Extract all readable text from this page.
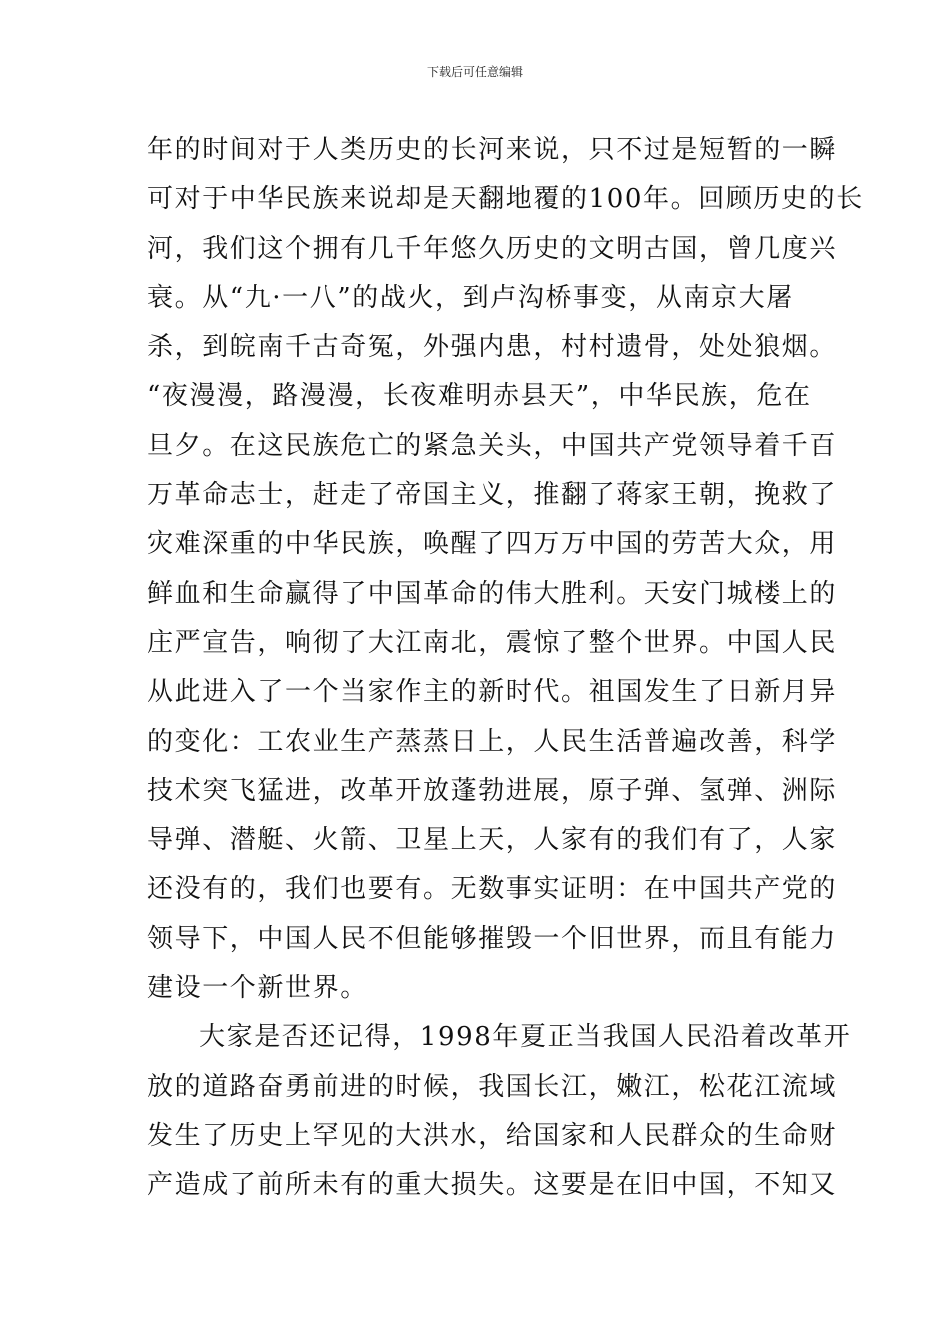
下载后可任意编辑
年的时间对于人类历史的长河来说，只不过是短暂的一瞬
可对于中华民族来说却是天翻地覆的100年。回顾历史的长
河，我们这个拥有几千年悠久历史的文明古国，曾几度兴
衰。从“九·一八”的战火，到卢沟桥事变，从南京大屠
杀，到皖南千古奇冤，外强内患，村村遗骨，处处狼烟。
“夜漫漫，路漫漫，长夜难明赤县天”，中华民族，危在
旦夕。在这民族危亡的紧急关头，中国共产党领导着千百
万革命志士，赶走了帝国主义，推翻了蒋家王朝，挽救了
灾难深重的中华民族，唤醒了四万万中国的劳苦大众，用
鲜血和生命赢得了中国革命的伟大胜利。天安门城楼上的
庄严宣告，响彻了大江南北，震惊了整个世界。中国人民
从此进入了一个当家作主的新时代。祖国发生了日新月异
的变化：工农业生产蒸蒸日上，人民生活普遍改善，科学
技术突飞猛进，改革开放蓬勃进展，原子弹、氢弹、洲际
导弹、潜艇、火箭、卫星上天，人家有的我们有了，人家
还没有的，我们也要有。无数事实证明：在中国共产党的
领导下，中国人民不但能够摧毁一个旧世界，而且有能力
建设一个新世界。
大家是否还记得，1998年夏正当我国人民沿着改革开
放的道路奋勇前进的时候，我国长江，嫩江，松花江流域
发生了历史上罕见的大洪水，给国家和人民群众的生命财
产造成了前所未有的重大损失。这要是在旧中国，不知又
